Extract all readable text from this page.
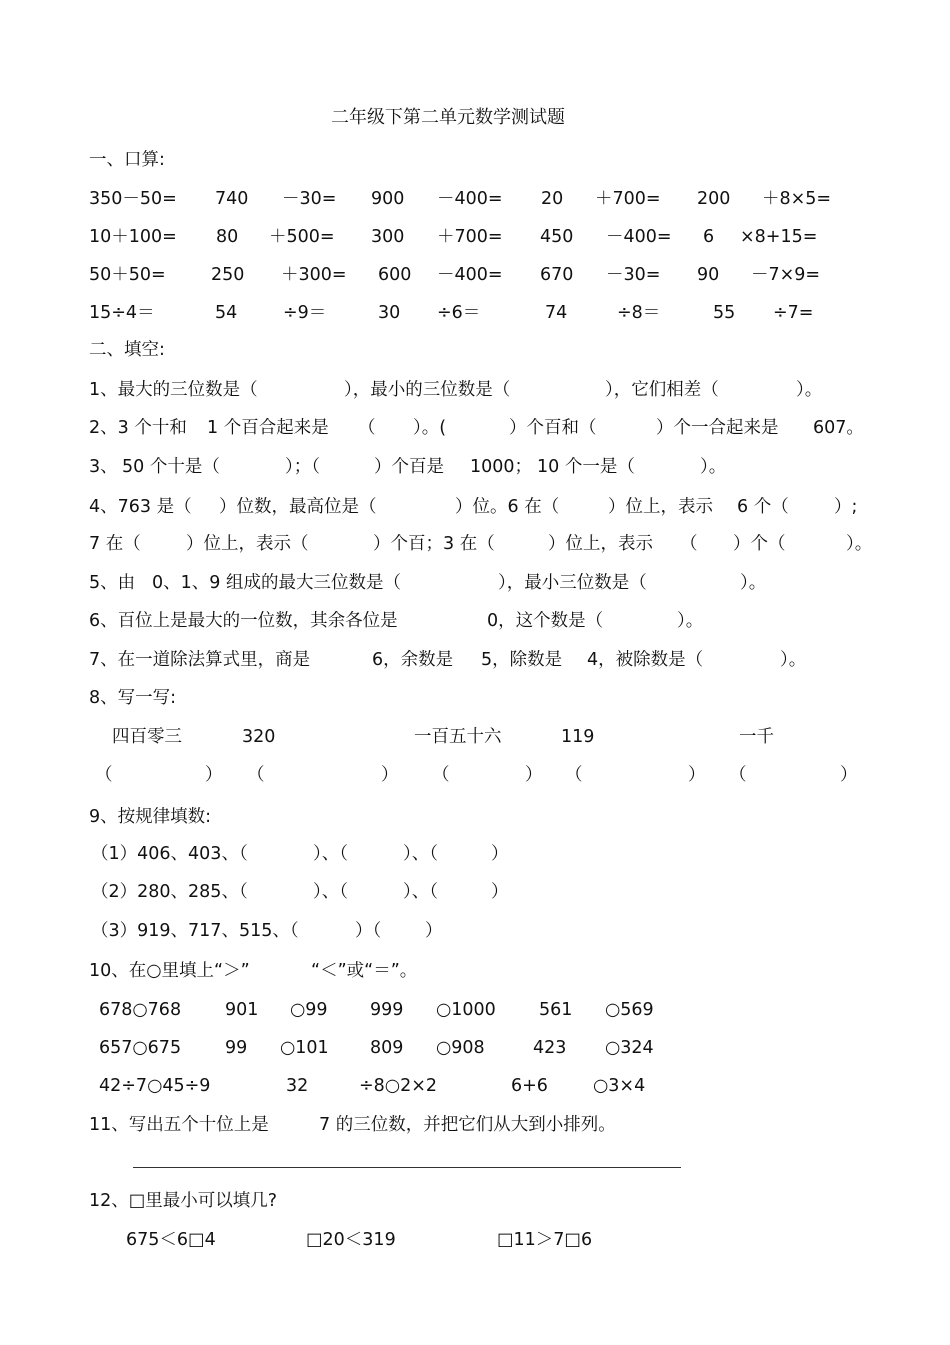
二年级下第二单元数学测试题
一、口算:
350－50= 740 －30= 900 －400= 20 ＋700= 200 ＋8×5=
10＋100= 80 ＋500= 300 ＋700= 450 －400= 6 ×8+15=
50＋50=	250 ＋300= 600 －400= 670 －30= 90 －7×9=
15÷4＝	54	÷9＝	30 ÷6＝	74	÷8＝	55 ÷7=
二、填空:
1、最大的三位数是（	），最小的三位数是（	），它们相差（	）。
2、3 个十和 1 个百合起来是 （ ）。(	）个百和（	）个一合起来是 607。
3、 50 个十是（	）；（	）个百是 1000； 10 个一是（	）。
4、763 是（ ）位数，最高位是（	）位。6 在（	）位上，表示 6 个（	）;
7 在（	）位上，表示（	）个百；3 在（	）位上，表示 （ ）个（	）。
5、由 0、1、9 组成的最大三位数是（	），最小三位数是（	）。
6、百位上是最大的一位数，其余各位是	0，这个数是（	）。
7、在一道除法算式里，商是	6，余数是 5，除数是 4，被除数是（	）。
8、写一写:
四百零三	320	一百五十六	119	一千
（	） （	） （	） （	） （	）
9、按规律填数:
（1）406、403、（	）、（	）、（	）
（2）280、285、（	）、（	）、（	）
（3）919、717、515、（	）（	）
10、在○里填上“＞”	“＜”或“＝”。
678○768	901 ○99 999 ○1000 561 ○569
657○675	99 ○101 809 ○908	423 ○324
42÷7○45÷9	32	÷8○2×2	6+6	○3×4
11、写出五个十位上是	7 的三位数，并把它们从大到小排列。
12、□里最小可以填几?
675＜6□4	□20＜319	□11＞7□6
